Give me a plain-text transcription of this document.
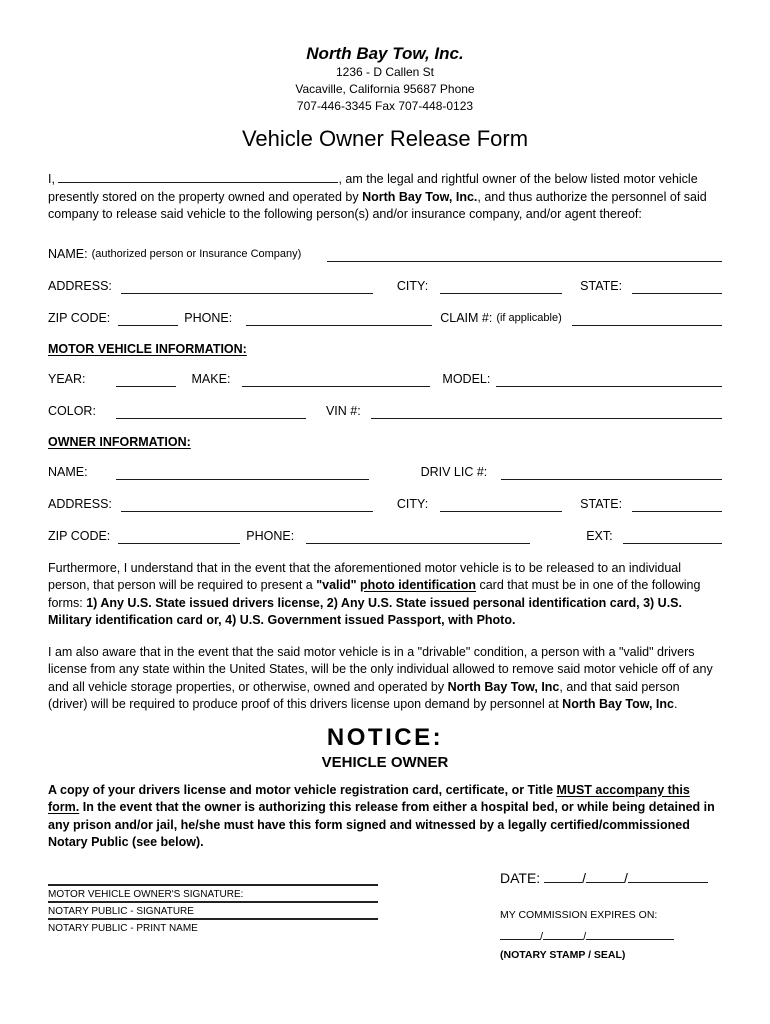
North Bay Tow, Inc.
1236 - D Callen St
Vacaville, California 95687 Phone
707-446-3345 Fax 707-448-0123
Vehicle Owner Release Form

I,	, am the legal and rightful owner of the below listed motor vehicle presently stored on the property owned and operated by North Bay Tow, Inc., and thus authorize the personnel of said company to release said vehicle to the following person(s) and/or insurance company, and/or agent thereof:

NAME: (authorized person or Insurance Company)
ADDRESS:	CITY:	STATE:
ZIP CODE:	PHONE:	CLAIM #: (if applicable)
MOTOR VEHICLE INFORMATION:
YEAR:	MAKE:	MODEL:
COLOR:	VIN #:
OWNER INFORMATION:
NAME:	DRIV LIC #:
ADDRESS:	CITY:	STATE:
ZIP CODE:	PHONE:	EXT:

Furthermore, I understand that in the event that the aforementioned motor vehicle is to be released to an individual person, that person will be required to present a "valid" photo identification card that must be in one of the following forms: 1) Any U.S. State issued drivers license, 2) Any U.S. State issued personal identification card, 3) U.S. Military identification card or, 4) U.S. Government issued Passport, with Photo.

I am also aware that in the event that the said motor vehicle is in a "drivable" condition, a person with a "valid" drivers license from any state within the United States, will be the only individual allowed to remove said motor vehicle off of any and all vehicle storage properties, or otherwise, owned and operated by North Bay Tow, Inc, and that said person (driver) will be required to produce proof of this drivers license upon demand by personnel at North Bay Tow, Inc.

NOTICE:
VEHICLE OWNER

A copy of your drivers license and motor vehicle registration card, certificate, or Title MUST accompany this form. In the event that the owner is authorizing this release from either a hospital bed, or while being detained in any prison and/or jail, he/she must have this form signed and witnessed by a legally certified/commissioned Notary Public (see below).

MOTOR VEHICLE OWNER'S SIGNATURE:
NOTARY PUBLIC - SIGNATURE
NOTARY PUBLIC - PRINT NAME
DATE:	/	/
MY COMMISSION EXPIRES ON:
/	/
(NOTARY STAMP / SEAL)
